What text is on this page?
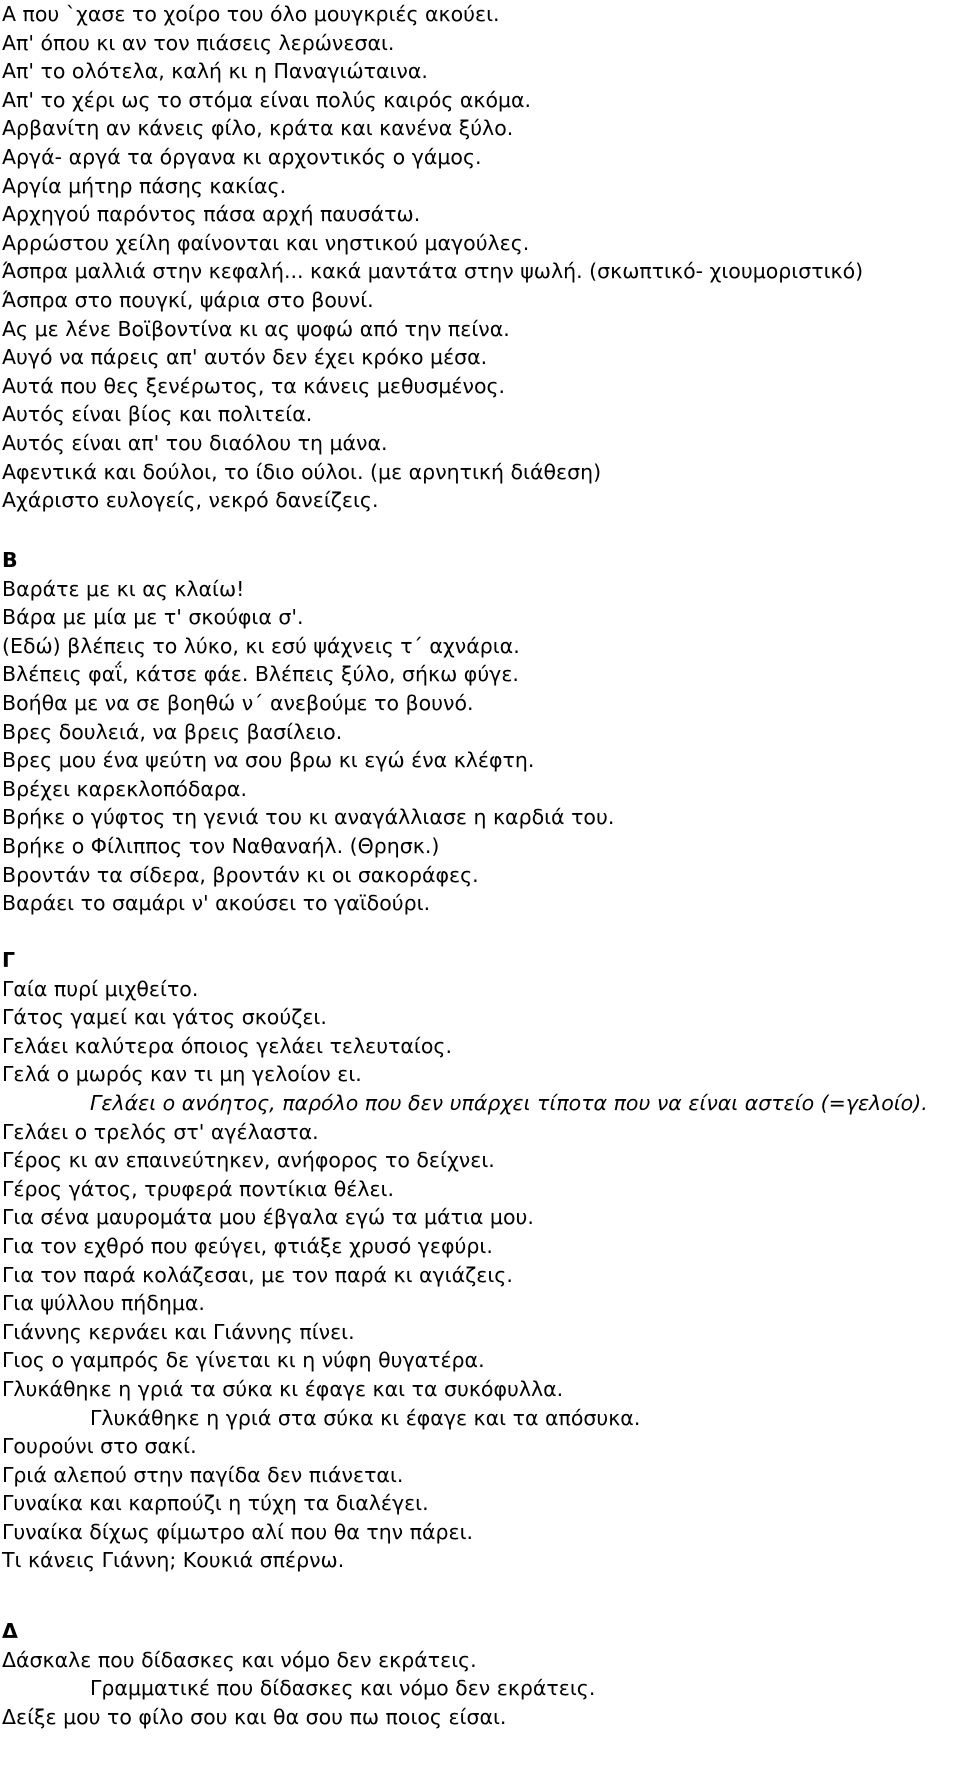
Α που `χασε το χοίρο του όλο μουγκριές ακούει.
Απ' όπου κι αν τον πιάσεις λερώνεσαι.
Απ' το ολότελα, καλή κι η Παναγιώταινα.
Απ' το χέρι ως το στόμα είναι πολύς καιρός ακόμα.
Αρβανίτη αν κάνεις φίλο, κράτα και κανένα ξύλο.
Αργά- αργά τα όργανα κι αρχοντικός ο γάμος.
Αργία μήτηρ πάσης κακίας.
Αρχηγού παρόντος πάσα αρχή παυσάτω.
Αρρώστου χείλη φαίνονται και νηστικού μαγούλες.
Άσπρα μαλλιά στην κεφαλή... κακά μαντάτα στην ψωλή. (σκωπτικό- χιουμοριστικό)
Άσπρα στο πουγκί, ψάρια στο βουνί.
Ας με λένε Βοϊβοντίνα κι ας ψοφώ από την πείνα.
Αυγό να πάρεις απ' αυτόν δεν έχει κρόκο μέσα.
Αυτά που θες ξενέρωτος, τα κάνεις μεθυσμένος.
Αυτός είναι βίος και πολιτεία.
Αυτός είναι απ' του διαόλου τη μάνα.
Αφεντικά και δούλοι, το ίδιο ούλοι. (με αρνητική διάθεση)
Αχάριστο ευλογείς, νεκρό δανείζεις.
Β
Βαράτε με κι ας κλαίω!
Βάρα με μία με τ' σκούφια σ'.
(Εδώ) βλέπεις το λύκο, κι εσύ ψάχνεις τ΄ αχνάρια.
Βλέπεις φαΐ, κάτσε φάε. Βλέπεις ξύλο, σήκω φύγε.
Βοήθα με να σε βοηθώ ν΄ ανεβούμε το βουνό.
Βρες δουλειά, να βρεις βασίλειο.
Βρες μου ένα ψεύτη να σου βρω κι εγώ ένα κλέφτη.
Βρέχει καρεκλοπόδαρα.
Βρήκε ο γύφτος τη γενιά του κι αναγάλλιασε η καρδιά του.
Βρήκε ο Φίλιππος τον Ναθαναήλ. (Θρησκ.)
Βροντάν τα σίδερα, βροντάν κι οι σακοράφες.
Βαράει το σαμάρι ν' ακούσει το γαϊδούρι.
Γ
Γαία πυρί μιχθείτο.
Γάτος γαμεί και γάτος σκούζει.
Γελάει καλύτερα όποιος γελάει τελευταίος.
Γελά ο μωρός καν τι μη γελοίον ει.
Γελάει ο ανόητος, παρόλο που δεν υπάρχει τίποτα που να είναι αστείο (=γελοίο).
Γελάει ο τρελός στ' αγέλαστα.
Γέρος κι αν επαινεύτηκεν, ανήφορος το δείχνει.
Γέρος γάτος, τρυφερά ποντίκια θέλει.
Για σένα μαυρομάτα μου έβγαλα εγώ τα μάτια μου.
Για τον εχθρό που φεύγει, φτιάξε χρυσό γεφύρι.
Για τον παρά κολάζεσαι, με τον παρά κι αγιάζεις.
Για ψύλλου πήδημα.
Γιάννης κερνάει και Γιάννης πίνει.
Γιος ο γαμπρός δε γίνεται κι η νύφη θυγατέρα.
Γλυκάθηκε η γριά τα σύκα κι έφαγε και τα συκόφυλλα.
Γλυκάθηκε η γριά στα σύκα κι έφαγε και τα απόσυκα.
Γουρούνι στο σακί.
Γριά αλεπού στην παγίδα δεν πιάνεται.
Γυναίκα και καρπούζι η τύχη τα διαλέγει.
Γυναίκα δίχως φίμωτρο αλί που θα την πάρει.
Τι κάνεις Γιάννη; Κουκιά σπέρνω.
Δ
Δάσκαλε που δίδασκες και νόμο δεν εκράτεις.
Γραμματικέ που δίδασκες και νόμο δεν εκράτεις.
Δείξε μου το φίλο σου και θα σου πω ποιος είσαι.
